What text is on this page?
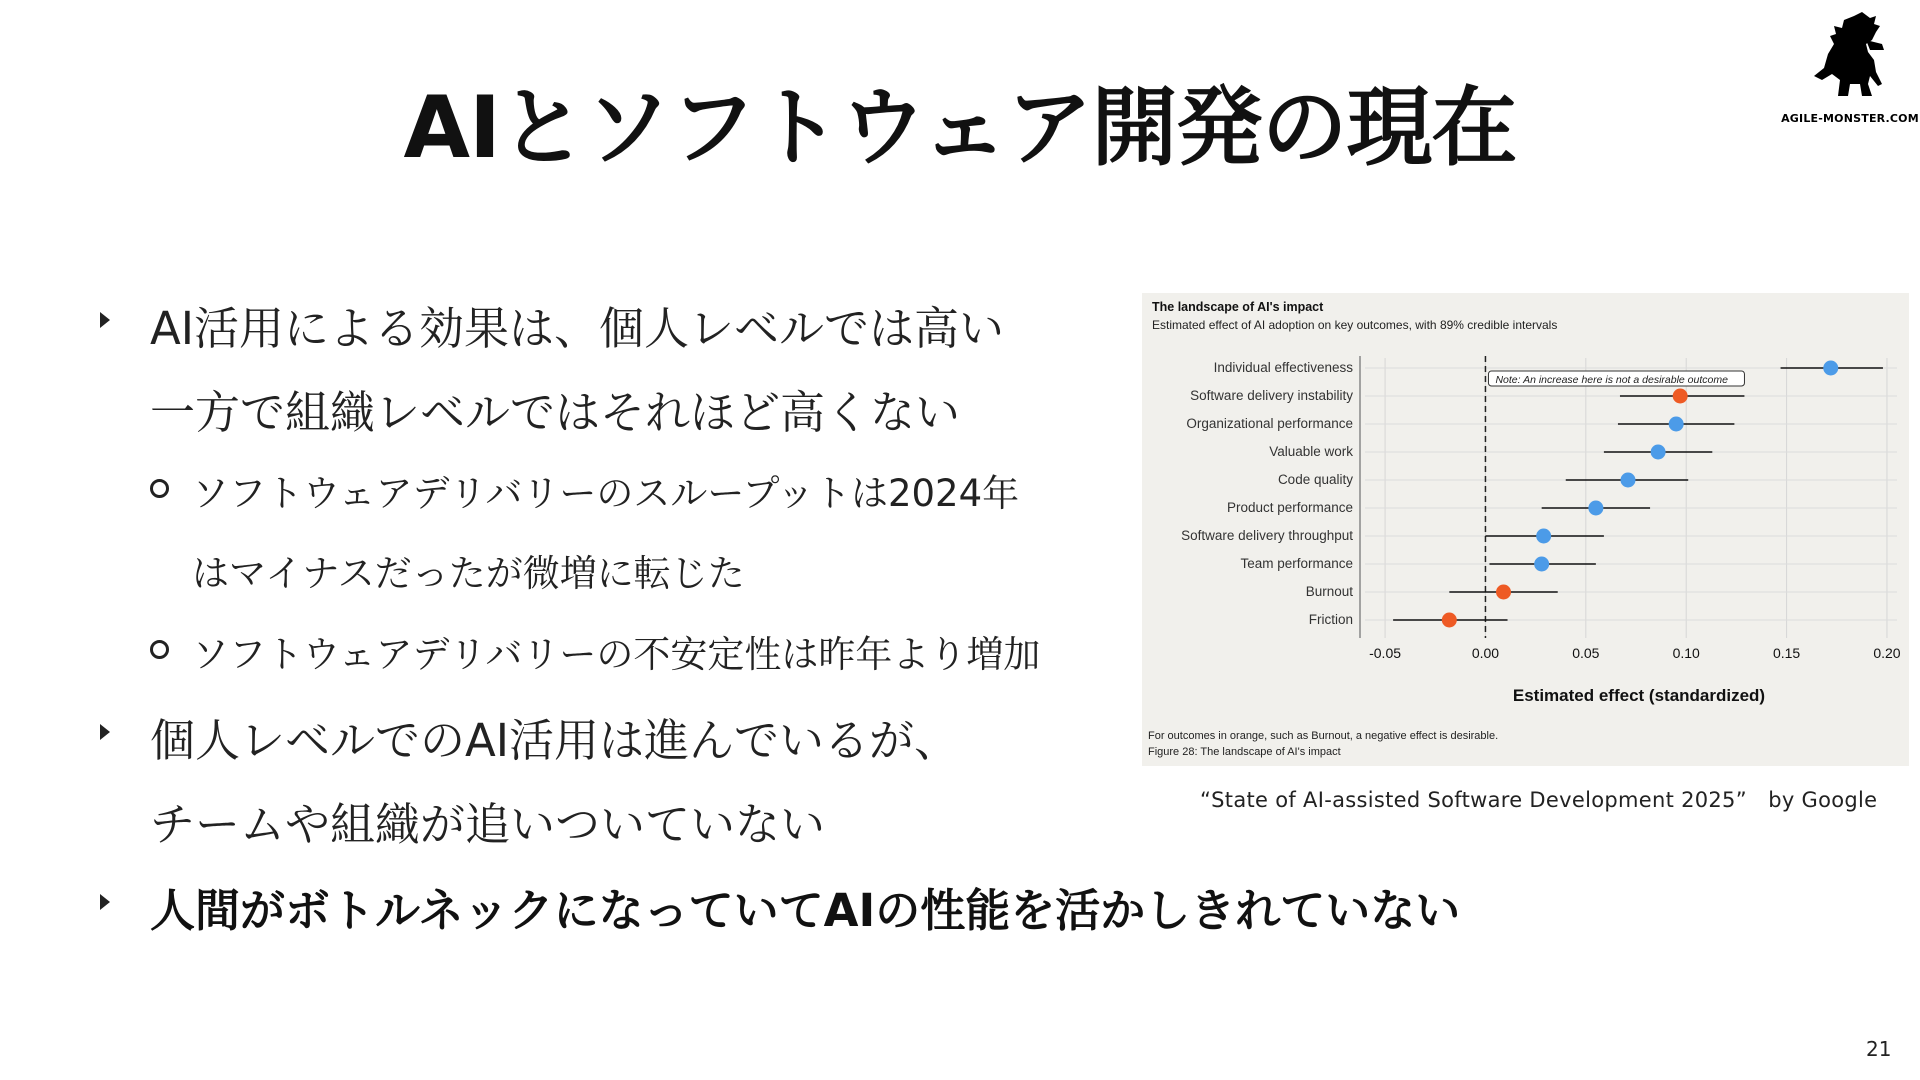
AIとソフトウェア開発の現在	AGILE-MONSTER.COM
AI活用による効果は、個人レベルでは高い
一方で組織レベルではそれほど高くない
ソフトウェアデリバリーのスループットは2024年
はマイナスだったが微増に転じた
ソフトウェアデリバリーの不安定性は昨年より増加
個人レベルでのAI活用は進んでいるが、
チームや組織が追いついていない
人間がボトルネックになっていてAIの性能を活かしきれていない
The landscape of AI's impact
Estimated effect of AI adoption on key outcomes, with 89% credible intervals
Individual effectiveness
Software delivery instability
Organizational performance
Valuable work
Code quality
Product performance
Software delivery throughput
Team performance
Burnout
Friction
Note: An increase here is not a desirable outcome
-0.05	0.00	0.05	0.10	0.15	0.20
Estimated effect (standardized)
For outcomes in orange, such as Burnout, a negative effect is desirable.
Figure 28: The landscape of AI's impact
“State of AI-assisted Software Development 2025”　by Google
21
